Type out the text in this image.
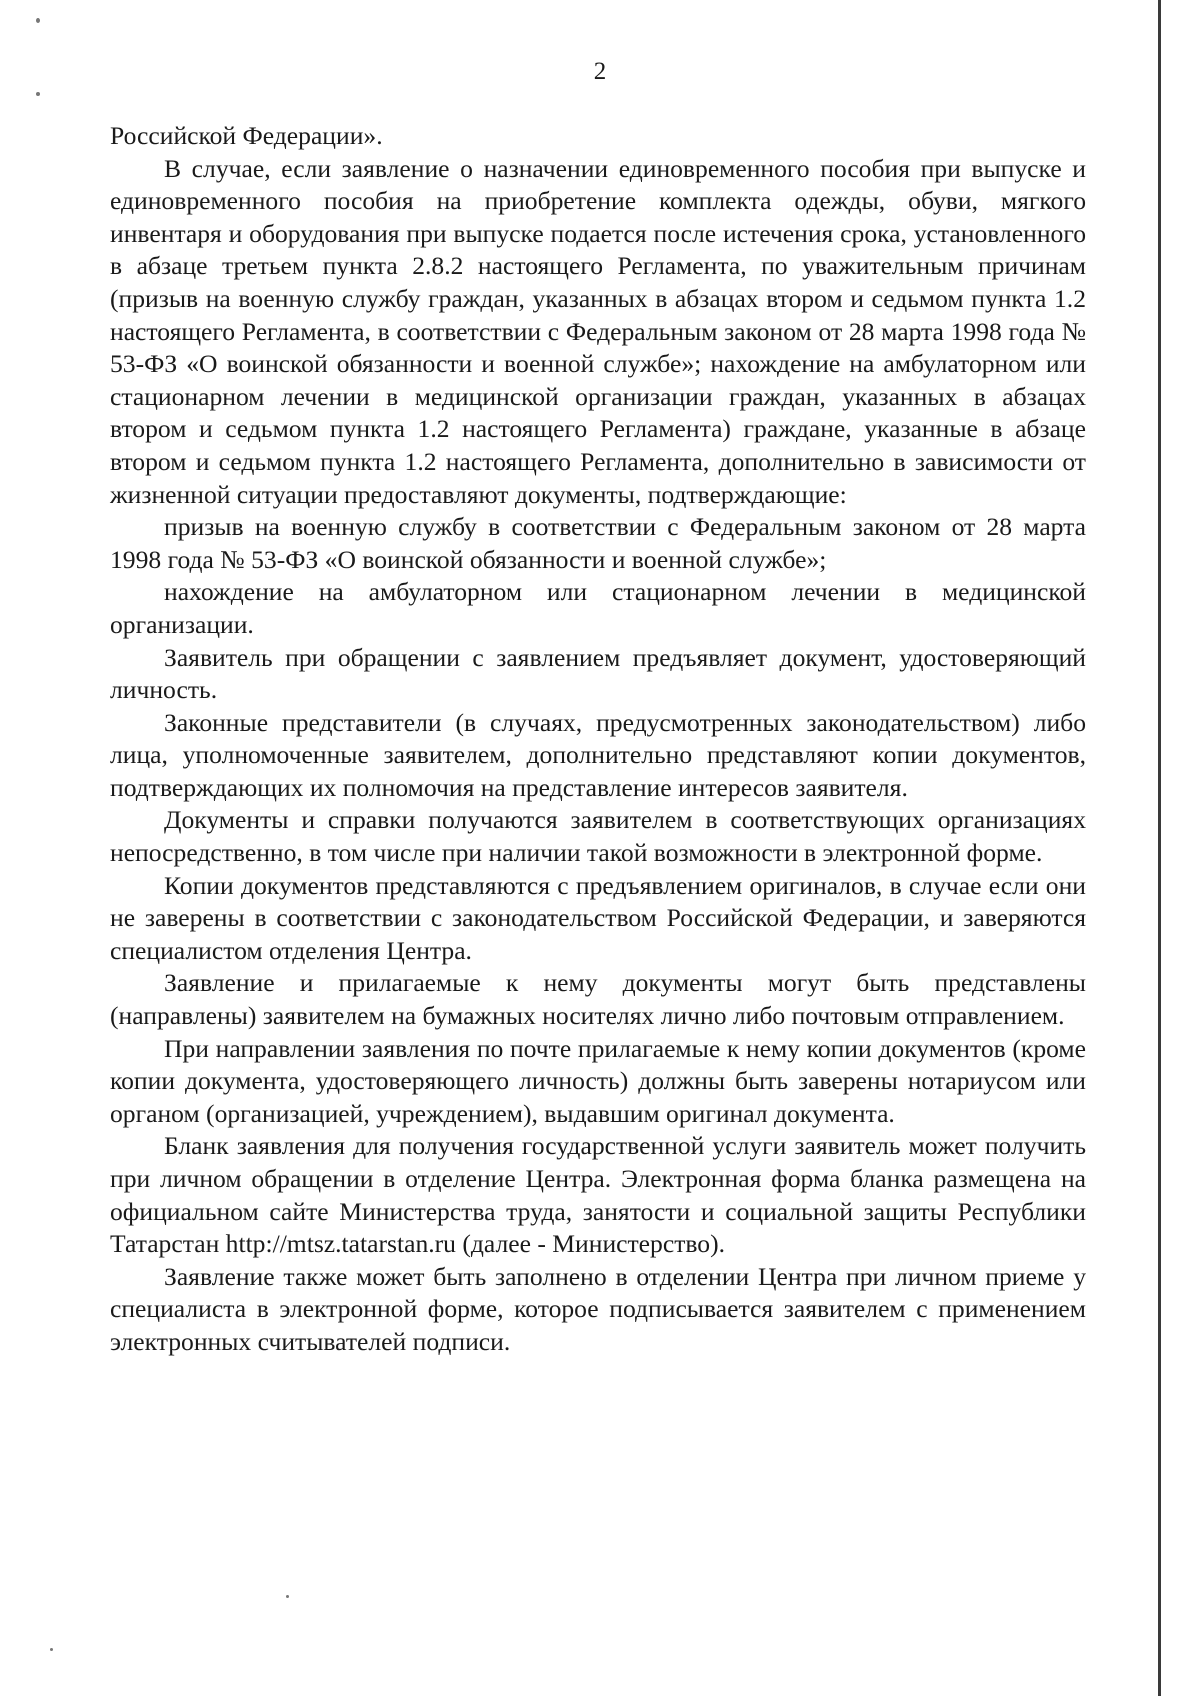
2

Российской Федерации».

В случае, если заявление о назначении единовременного пособия при выпуске и единовременного пособия на приобретение комплекта одежды, обуви, мягкого инвентаря и оборудования при выпуске подается после истечения срока, установленного в абзаце третьем пункта 2.8.2 настоящего Регламента, по уважительным причинам (призыв на военную службу граждан, указанных в абзацах втором и седьмом пункта 1.2 настоящего Регламента, в соответствии с Федеральным законом от 28 марта 1998 года № 53-ФЗ «О воинской обязанности и военной службе»; нахождение на амбулаторном или стационарном лечении в медицинской организации граждан, указанных в абзацах втором и седьмом пункта 1.2 настоящего Регламента) граждане, указанные в абзаце втором и седьмом пункта 1.2 настоящего Регламента, дополнительно в зависимости от жизненной ситуации предоставляют документы, подтверждающие:

призыв на военную службу в соответствии с Федеральным законом от 28 марта 1998 года № 53-ФЗ «О воинской обязанности и военной службе»;

нахождение на амбулаторном или стационарном лечении в медицинской организации.

Заявитель при обращении с заявлением предъявляет документ, удостоверяющий личность.

Законные представители (в случаях, предусмотренных законодательством) либо лица, уполномоченные заявителем, дополнительно представляют копии документов, подтверждающих их полномочия на представление интересов заявителя.

Документы и справки получаются заявителем в соответствующих организациях непосредственно, в том числе при наличии такой возможности в электронной форме.

Копии документов представляются с предъявлением оригиналов, в случае если они не заверены в соответствии с законодательством Российской Федерации, и заверяются специалистом отделения Центра.

Заявление и прилагаемые к нему документы могут быть представлены (направлены) заявителем на бумажных носителях лично либо почтовым отправлением.

При направлении заявления по почте прилагаемые к нему копии документов (кроме копии документа, удостоверяющего личность) должны быть заверены нотариусом или органом (организацией, учреждением), выдавшим оригинал документа.

Бланк заявления для получения государственной услуги заявитель может получить при личном обращении в отделение Центра. Электронная форма бланка размещена на официальном сайте Министерства труда, занятости и социальной защиты Республики Татарстан http://mtsz.tatarstan.ru (далее - Министерство).

Заявление также может быть заполнено в отделении Центра при личном приеме у специалиста в электронной форме, которое подписывается заявителем с применением электронных считывателей подписи.
